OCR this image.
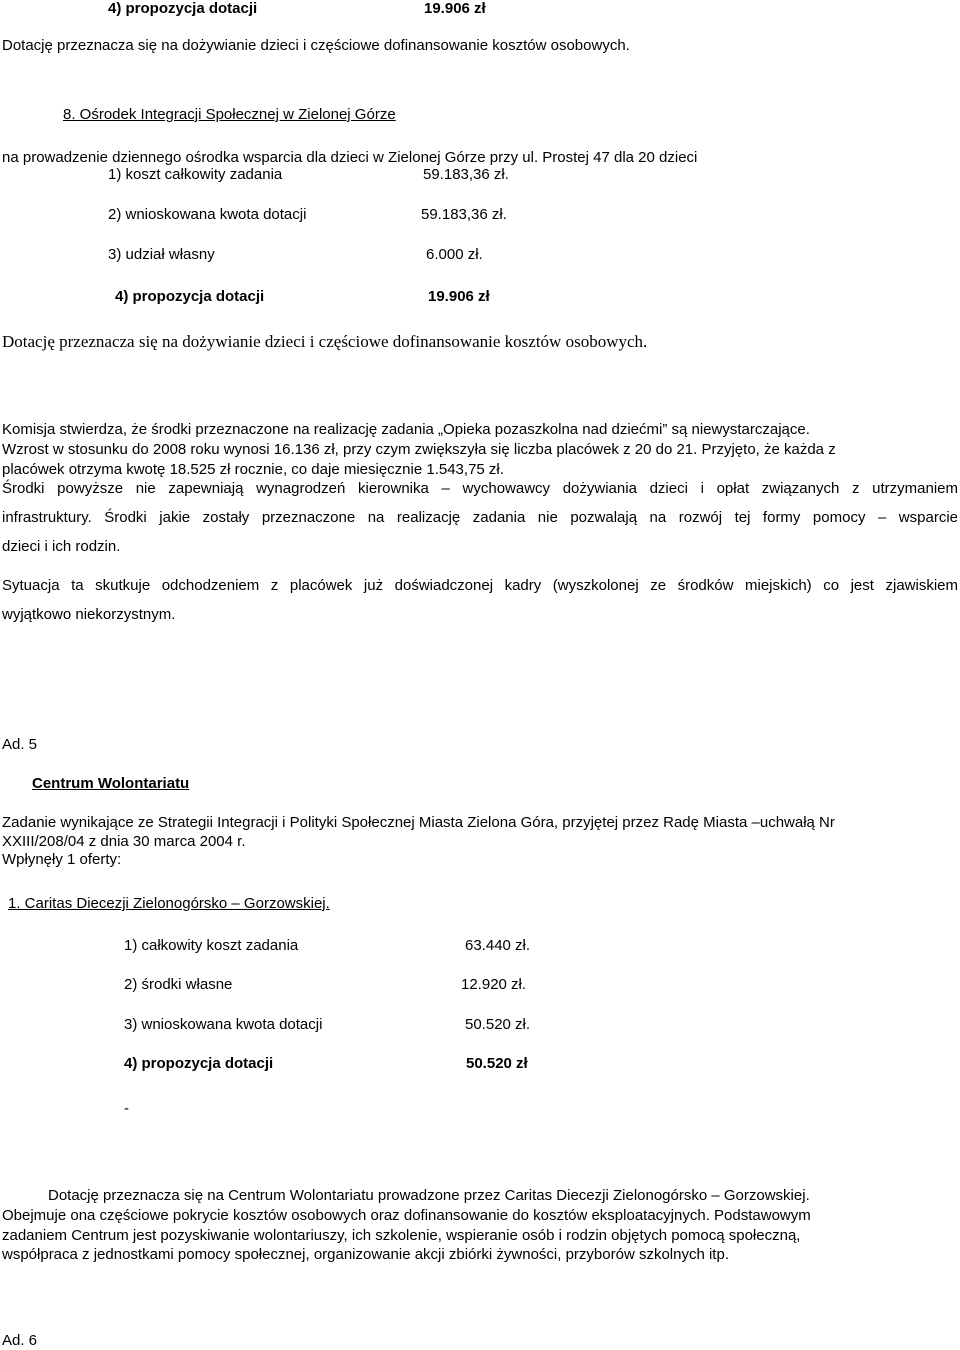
4) propozycja dotacji	19.906 zł
Dotację przeznacza się na dożywianie dzieci i częściowe dofinansowanie kosztów osobowych.
8. Ośrodek Integracji Społecznej w Zielonej Górze
na prowadzenie dziennego ośrodka wsparcia dla dzieci w Zielonej Górze przy ul. Prostej 47 dla 20 dzieci
1) koszt całkowity zadania	59.183,36 zł.
2) wnioskowana kwota dotacji	59.183,36 zł.
3) udział własny	6.000 zł.
4) propozycja dotacji	19.906 zł
Dotację przeznacza się na dożywianie dzieci i częściowe dofinansowanie kosztów osobowych.
Komisja stwierdza, że środki przeznaczone na realizację zadania „Opieka pozaszkolna nad dziećmi” są niewystarczające.
Wzrost w stosunku do 2008 roku wynosi 16.136 zł, przy czym zwiększyła się liczba placówek z 20 do 21. Przyjęto, że każda z
placówek otrzyma kwotę 18.525 zł rocznie, co daje miesięcznie 1.543,75 zł.
Środki powyższe nie zapewniają wynagrodzeń kierownika – wychowawcy dożywiania dzieci i opłat związanych z utrzymaniem
infrastruktury. Środki jakie zostały przeznaczone na realizację zadania nie pozwalają na rozwój tej formy pomocy – wsparcie
dzieci i ich rodzin.
Sytuacja ta skutkuje odchodzeniem z placówek już doświadczonej kadry (wyszkolonej ze środków miejskich) co jest zjawiskiem
wyjątkowo niekorzystnym.
Ad. 5
Centrum Wolontariatu
Zadanie wynikające ze Strategii Integracji i Polityki Społecznej Miasta Zielona Góra, przyjętej przez Radę Miasta –uchwałą Nr
XXIII/208/04 z dnia 30 marca 2004 r.
Wpłynęły 1 oferty:
1. Caritas Diecezji Zielonogórsko – Gorzowskiej.
1) całkowity koszt zadania	63.440 zł.
2) środki własne	12.920 zł.
3) wnioskowana kwota dotacji	50.520 zł.
4) propozycja dotacji	50.520 zł
-
Dotację przeznacza się na Centrum Wolontariatu prowadzone przez Caritas Diecezji Zielonogórsko – Gorzowskiej.
Obejmuje ona częściowe pokrycie kosztów osobowych oraz dofinansowanie do kosztów eksploatacyjnych. Podstawowym
zadaniem Centrum jest pozyskiwanie wolontariuszy, ich szkolenie, wspieranie osób i rodzin objętych pomocą społeczną,
współpraca z jednostkami pomocy społecznej, organizowanie akcji zbiórki żywności, przyborów szkolnych itp.
Ad. 6
